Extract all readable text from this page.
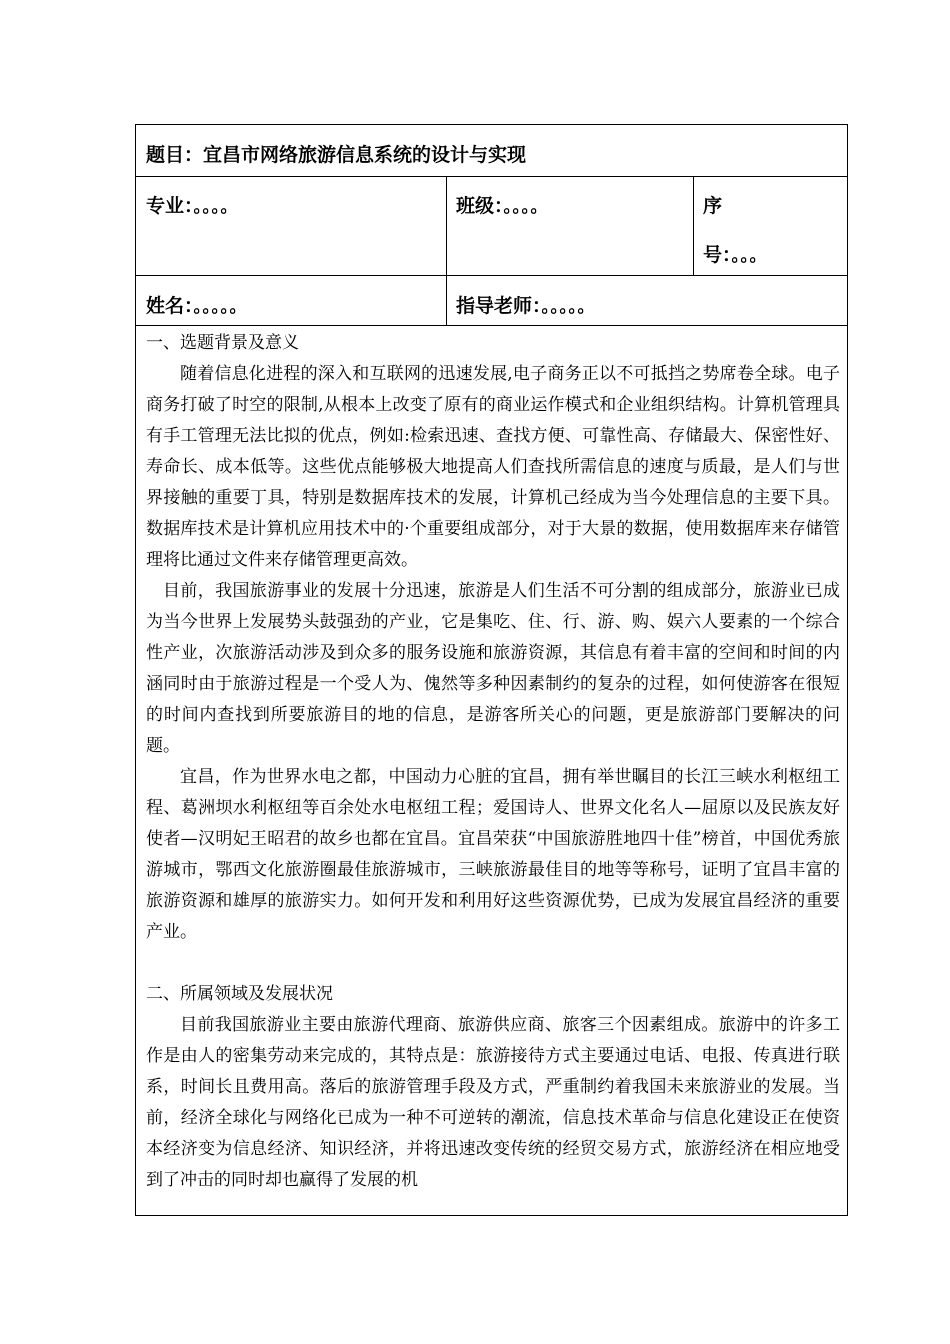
题目：宜昌市网络旅游信息系统的设计与实现
专业：。。。。	班级：。。。。	序
号：。。。
姓名：。。。。。	指导老师：。。。。。

一、选题背景及意义

随着信息化进程的深入和互联网的迅速发展,电子商务正以不可抵挡之势席卷全球。电子商务打破了时空的限制,从根本上改变了原有的商业运作模式和企业组织结构。计算机管理具有手工管理无法比拟的优点，例如:检索迅速、查找方便、可靠性高、存储最大、保密性好、寿命长、成本低等。这些优点能够极大地提高人们查找所需信息的速度与质最，是人们与世界接触的重要丁具，特别是数据库技术的发展，计算机己经成为当今处理信息的主要下具。数据库技术是计算机应用技术中的·个重要组成部分，对于大景的数据，使用数据库来存储管理将比通过文件来存储管理更高效。

目前，我国旅游事业的发展十分迅速，旅游是人们生活不可分割的组成部分，旅游业已成为当今世界上发展势头鼓强劲的产业，它是集吃、住、行、游、购、娱六人要素的一个综合性产业，次旅游活动涉及到众多的服务设施和旅游资源，其信息有着丰富的空间和时间的内涵同时由于旅游过程是一个受人为、傀然等多种因素制约的复杂的过程，如何使游客在很短的时间内查找到所要旅游目的地的信息，是游客所关心的问题，更是旅游部门要解决的问题。

宜昌，作为世界水电之都，中国动力心脏的宜昌，拥有举世瞩目的长江三峡水利枢纽工程、葛洲坝水利枢纽等百余处水电枢纽工程；爱国诗人、世界文化名人—屈原以及民族友好使者—汉明妃王昭君的故乡也都在宜昌。宜昌荣获“中国旅游胜地四十佳”榜首，中国优秀旅游城市，鄂西文化旅游圈最佳旅游城市，三峡旅游最佳目的地等等称号，证明了宜昌丰富的旅游资源和雄厚的旅游实力。如何开发和利用好这些资源优势，已成为发展宜昌经济的重要产业。

二、所属领域及发展状况

目前我国旅游业主要由旅游代理商、旅游供应商、旅客三个因素组成。旅游中的许多工作是由人的密集劳动来完成的，其特点是：旅游接待方式主要通过电话、电报、传真进行联系，时间长且费用高。落后的旅游管理手段及方式，严重制约着我国未来旅游业的发展。当前，经济全球化与网络化已成为一种不可逆转的潮流，信息技术革命与信息化建设正在使资本经济变为信息经济、知识经济，并将迅速改变传统的经贸交易方式，旅游经济在相应地受到了冲击的同时却也赢得了发展的机
